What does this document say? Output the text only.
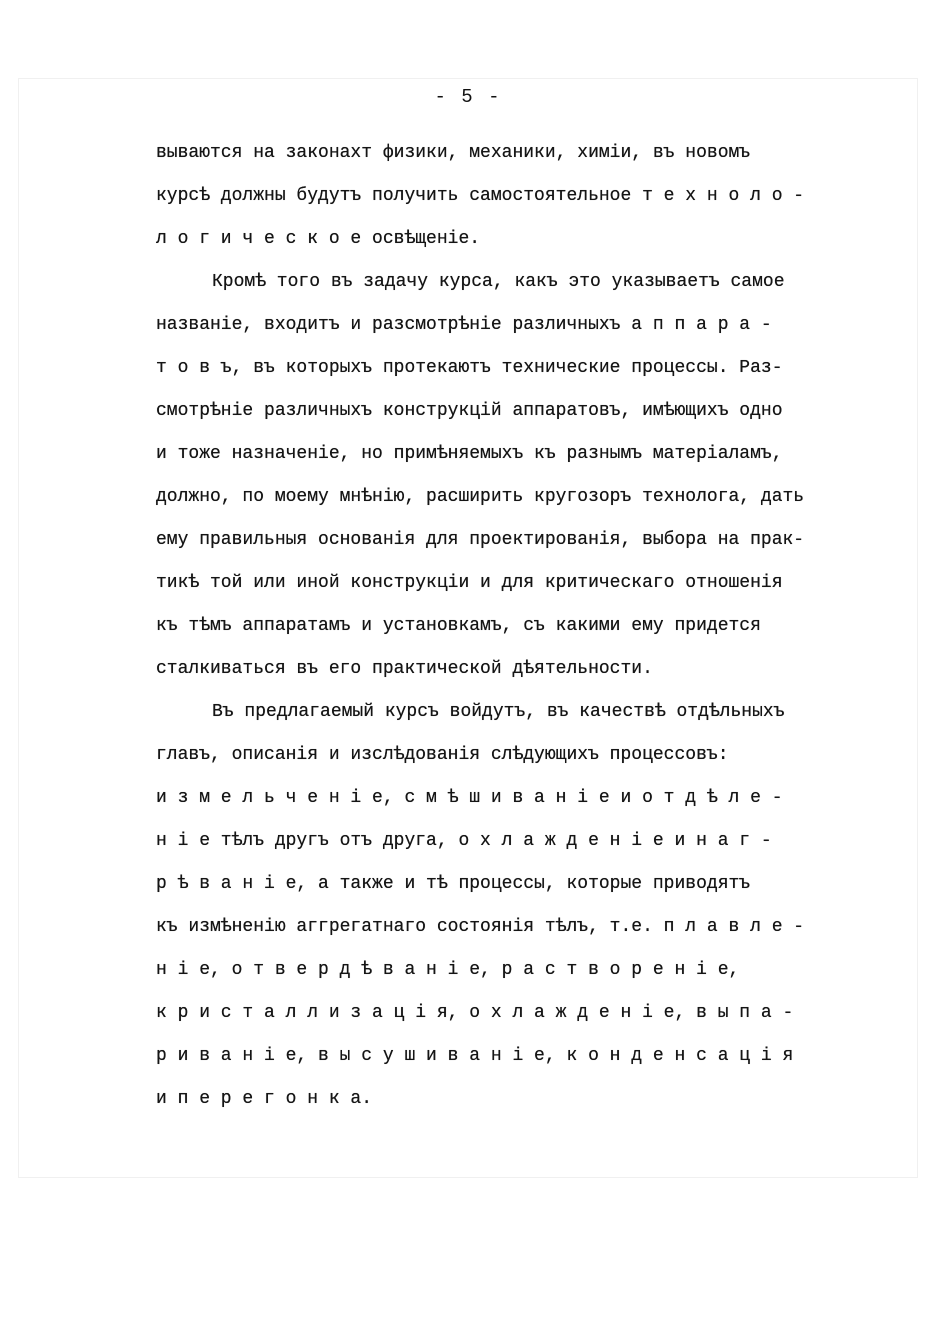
- 5 -
вываются на законахт физики, механики, химіи, въ новомъ
курсѣ должны будутъ получить самостоятельное т е х н о л о -
л о г и ч е с к о е освѣщеніе.
Кромѣ того въ задачу курса, какъ это указываетъ самое
названіе, входитъ и разсмотрѣніе различныхъ а п п а р а -
т о в ъ, въ которыхъ протекаютъ технические процессы. Раз-
смотрѣніе различныхъ конструкцій аппаратовъ, имѣющихъ одно
и тоже назначеніе, но примѣняемыхъ къ разнымъ матеріаламъ,
должно, по моему мнѣнію, расширить кругозоръ технолога, дать
ему правильныя основанія для проектированія, выбора на прак-
тикѣ той или иной конструкціи и для критическаго отношенія
къ тѣмъ аппаратамъ и установкамъ, съ какими ему придется
сталкиваться въ его практической дѣятельности.
Въ предлагаемый курсъ войдутъ, въ качествѣ отдѣльныхъ
главъ, описанія и изслѣдованія слѣдующихъ процессовъ:
и з м е л ь ч е н і е, с м ѣ ш и в а н і е и о т д ѣ л е -
н і е тѣлъ другъ отъ друга, о х л а ж д е н і е и н а г -
р ѣ в а н і е, а также и тѣ процессы, которые приводятъ
къ измѣненію аггрегатнаго состоянія тѣлъ, т.е. п л а в л е -
н і е, о т в е р д ѣ в а н і е, р а с т в о р е н і е,
к р и с т а л л и з а ц і я, о х л а ж д е н і е, в ы п а -
р и в а н і е, в ы с у ш и в а н і е, к о н д е н с а ц і я
и п е р е г о н к а.
